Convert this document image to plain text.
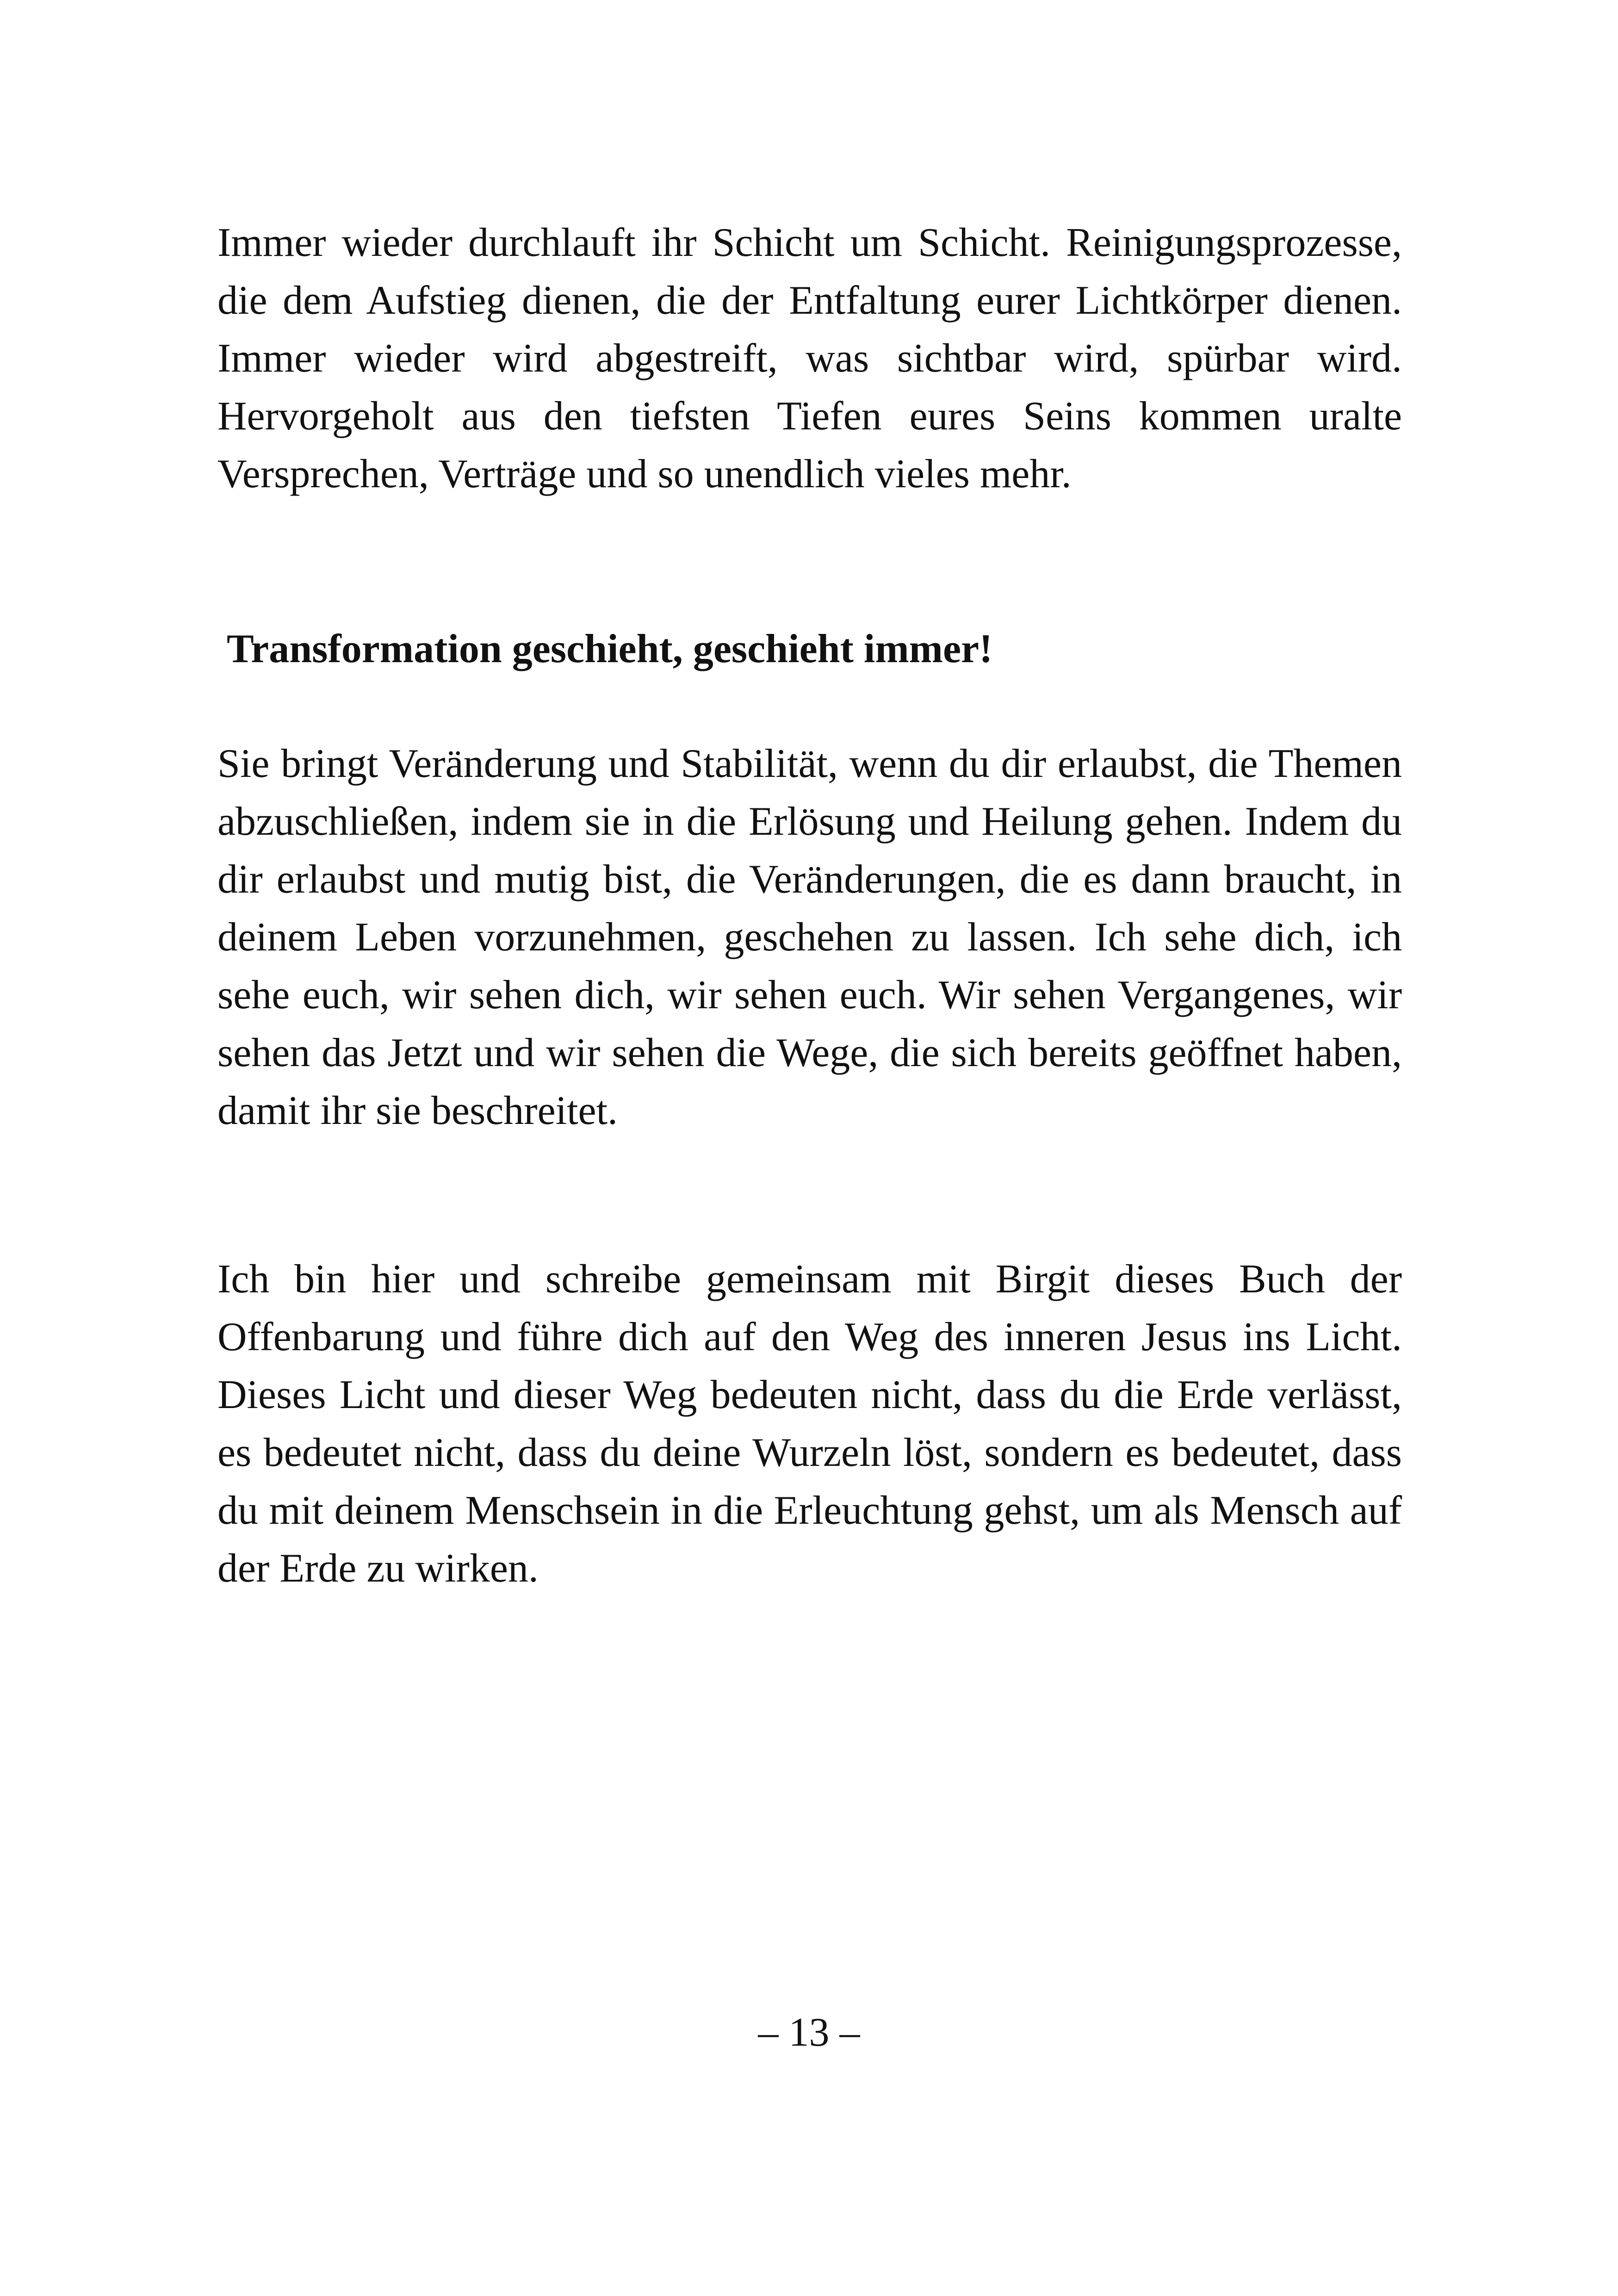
Immer wieder durchlauft ihr Schicht um Schicht. Reinigungsprozesse, die dem Aufstieg dienen, die der Entfaltung eurer Lichtkörper dienen. Immer wieder wird abgestreift, was sichtbar wird, spürbar wird. Hervorgeholt aus den tiefsten Tiefen eures Seins kommen uralte Versprechen, Verträge und so unendlich vieles mehr.

Transformation geschieht, geschieht immer!

Sie bringt Veränderung und Stabilität, wenn du dir erlaubst, die Themen abzuschließen, indem sie in die Erlösung und Heilung gehen. Indem du dir erlaubst und mutig bist, die Veränderungen, die es dann braucht, in deinem Leben vorzunehmen, geschehen zu lassen. Ich sehe dich, ich sehe euch, wir sehen dich, wir sehen euch. Wir sehen Vergangenes, wir sehen das Jetzt und wir sehen die Wege, die sich bereits geöffnet haben, damit ihr sie beschreitet.

Ich bin hier und schreibe gemeinsam mit Birgit dieses Buch der Offenbarung und führe dich auf den Weg des inneren Jesus ins Licht. Dieses Licht und dieser Weg bedeuten nicht, dass du die Erde verlässt, es bedeutet nicht, dass du deine Wurzeln löst, sondern es bedeutet, dass du mit deinem Menschsein in die Erleuchtung gehst, um als Mensch auf der Erde zu wirken.

– 13 –
